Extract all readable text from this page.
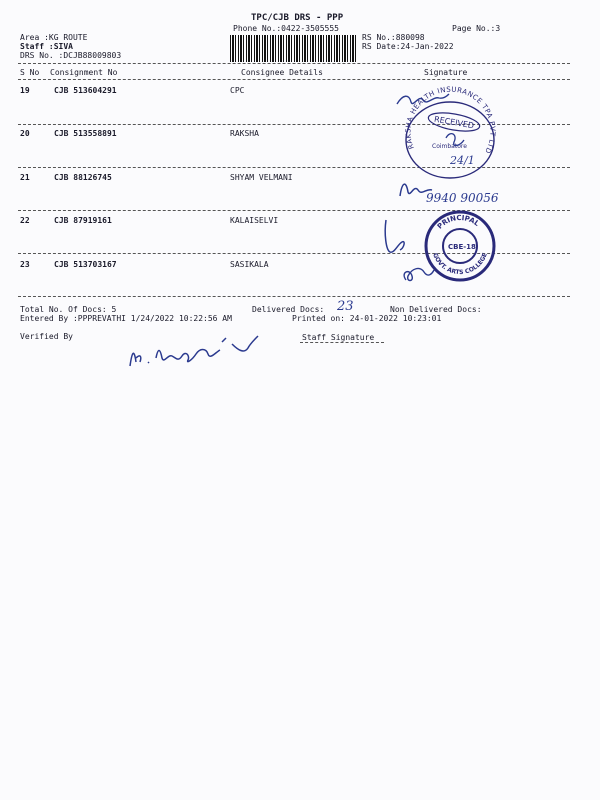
TPC/CJB DRS - PPP
Phone No.:0422-3505555	Page No.:3
Area :KG ROUTE
Staff :SIVA
DRS No. :DCJB88009803
RS No.:880098
RS Date:24-Jan-2022
S No Consignment No	Consignee Details	Signature
19	CJB 513604291	CPC
20	CJB 513558891	RAKSHA
21	CJB 88126745	SHYAM VELMANI
22	CJB 87919161	KALAISELVI
23	CJB 513703167	SASIKALA
Total No. Of Docs: 5	Delivered Docs:	Non Delivered Docs:
Entered By :PPPREVATHI 1/24/2022 10:22:56 AM	Printed on: 24-01-2022 10:23:01
Verified By	Staff Signature
23
RAKSHA HEALTH INSURANCE TPA PVT LTD
RECEIVED
Coimbatore
24/1
9940 90056
PRINCIPAL
GOVT. ARTS COLLEGE
CBE-18
